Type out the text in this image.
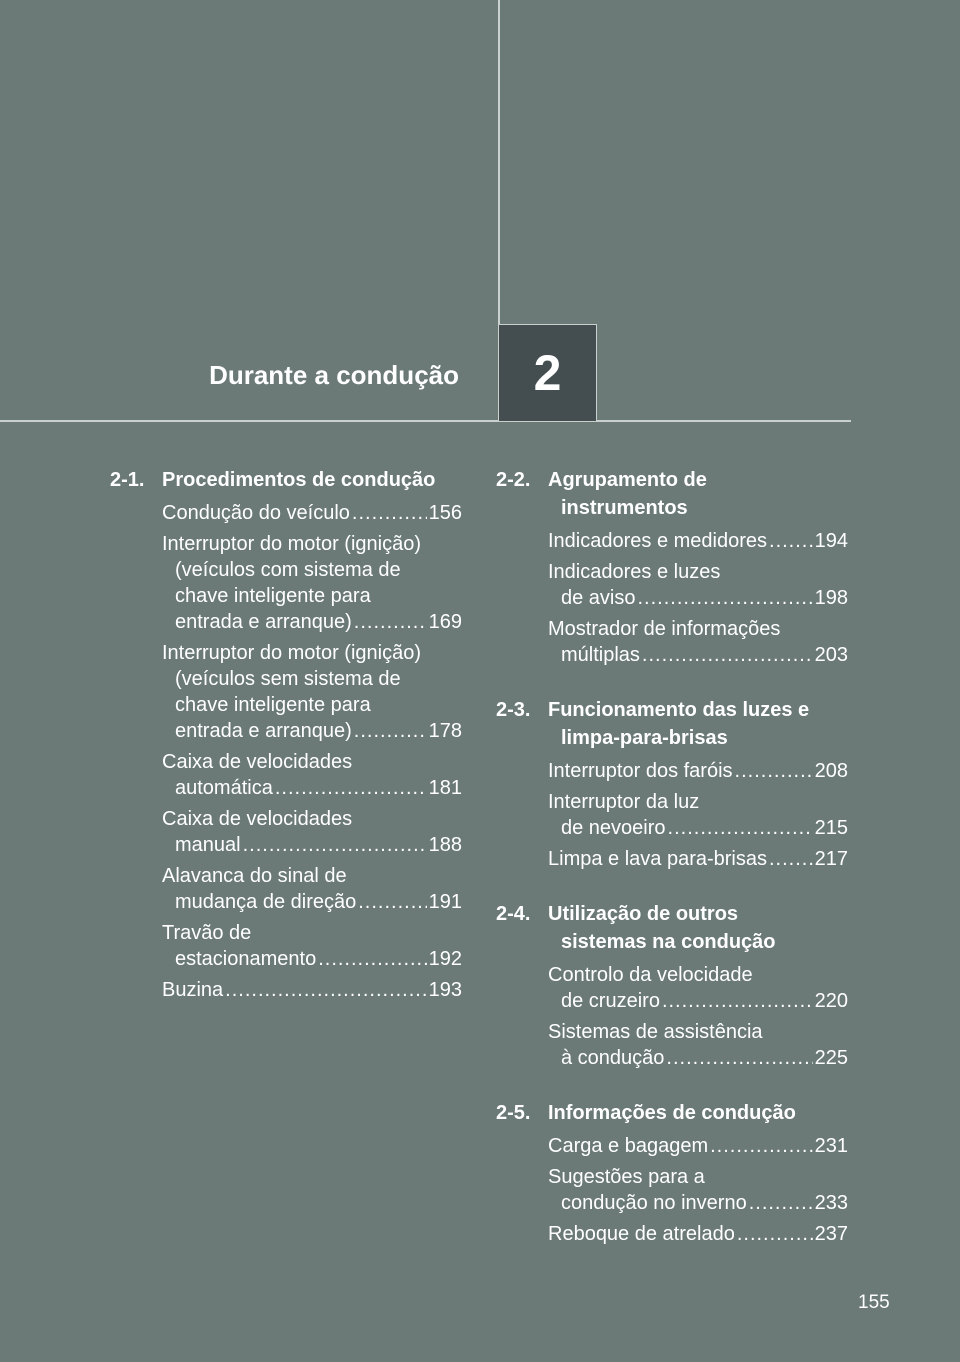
Durante a condução 2
2-1. Procedimentos de condução
Condução do veículo .....	156
Interruptor do motor (ignição)
(veículos com sistema de
chave inteligente para
entrada e arranque) .....	169
Interruptor do motor (ignição)
(veículos sem sistema de
chave inteligente para
entrada e arranque) .....	178
Caixa de velocidades
automática .....	181
Caixa de velocidades
manual .....	188
Alavanca do sinal de
mudança de direção .....	191
Travão de
estacionamento .....	192
Buzina .....	193
2-2. Agrupamento de
instrumentos
Indicadores e medidores ..... 194
Indicadores e luzes
de aviso .....	198
Mostrador de informações
múltiplas .....	203
2-3. Funcionamento das luzes e
limpa-para-brisas
Interruptor dos faróis .....	208
Interruptor da luz
de nevoeiro .....	215
Limpa e lava para-brisas ..... 217
2-4. Utilização de outros
sistemas na condução
Controlo da velocidade
de cruzeiro .....	220
Sistemas de assistência
à condução .....	225
2-5. Informações de condução
Carga e bagagem .....	231
Sugestões para a
condução no inverno .....	233
Reboque de atrelado .....	237
155
